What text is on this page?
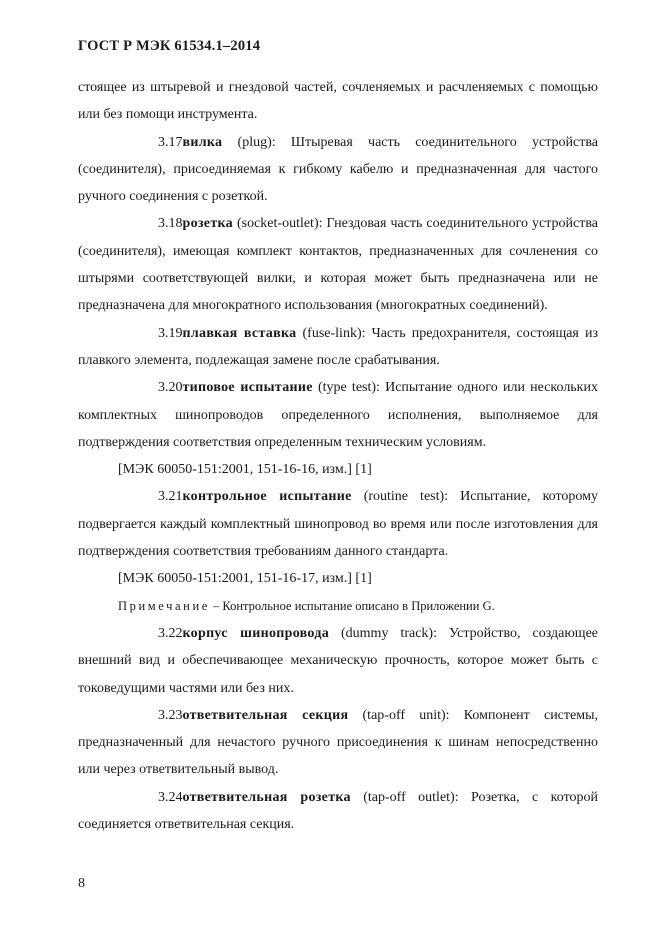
ГОСТ Р МЭК 61534.1–2014

стоящее из штыревой и гнездовой частей, сочленяемых и расчленяемых с помощью или без помощи инструмента.

3.17вилка (plug): Штыревая часть соединительного устройства (соединителя), присоединяемая к гибкому кабелю и предназначенная для частого ручного соединения с розеткой.

3.18розетка (socket-outlet): Гнездовая часть соединительного устройства (соединителя), имеющая комплект контактов, предназначенных для сочленения со штырями соответствующей вилки, и которая может быть предназначена или не предназначена для многократного использования (многократных соединений).

3.19плавкая вставка (fuse-link): Часть предохранителя, состоящая из плавкого элемента, подлежащая замене после срабатывания.

3.20типовое испытание (type test): Испытание одного или нескольких комплектных шинопроводов определенного исполнения, выполняемое для подтверждения соответствия определенным техническим условиям.

[МЭК 60050-151:2001, 151-16-16, изм.] [1]

3.21контрольное испытание (routine test): Испытание, которому подвергается каждый комплектный шинопровод во время или после изготовления для подтверждения соответствия требованиям данного стандарта.

[МЭК 60050-151:2001, 151-16-17, изм.] [1]

Примечание – Контрольное испытание описано в Приложении G.

3.22корпус шинопровода (dummy track): Устройство, создающее внешний вид и обеспечивающее механическую прочность, которое может быть с токоведущими частями или без них.

3.23ответвительная секция (tap-off unit): Компонент системы, предназначенный для нечастого ручного присоединения к шинам непосредственно или через ответвительный вывод.

3.24ответвительная розетка (tap-off outlet): Розетка, с которой соединяется ответвительная секция.

8
